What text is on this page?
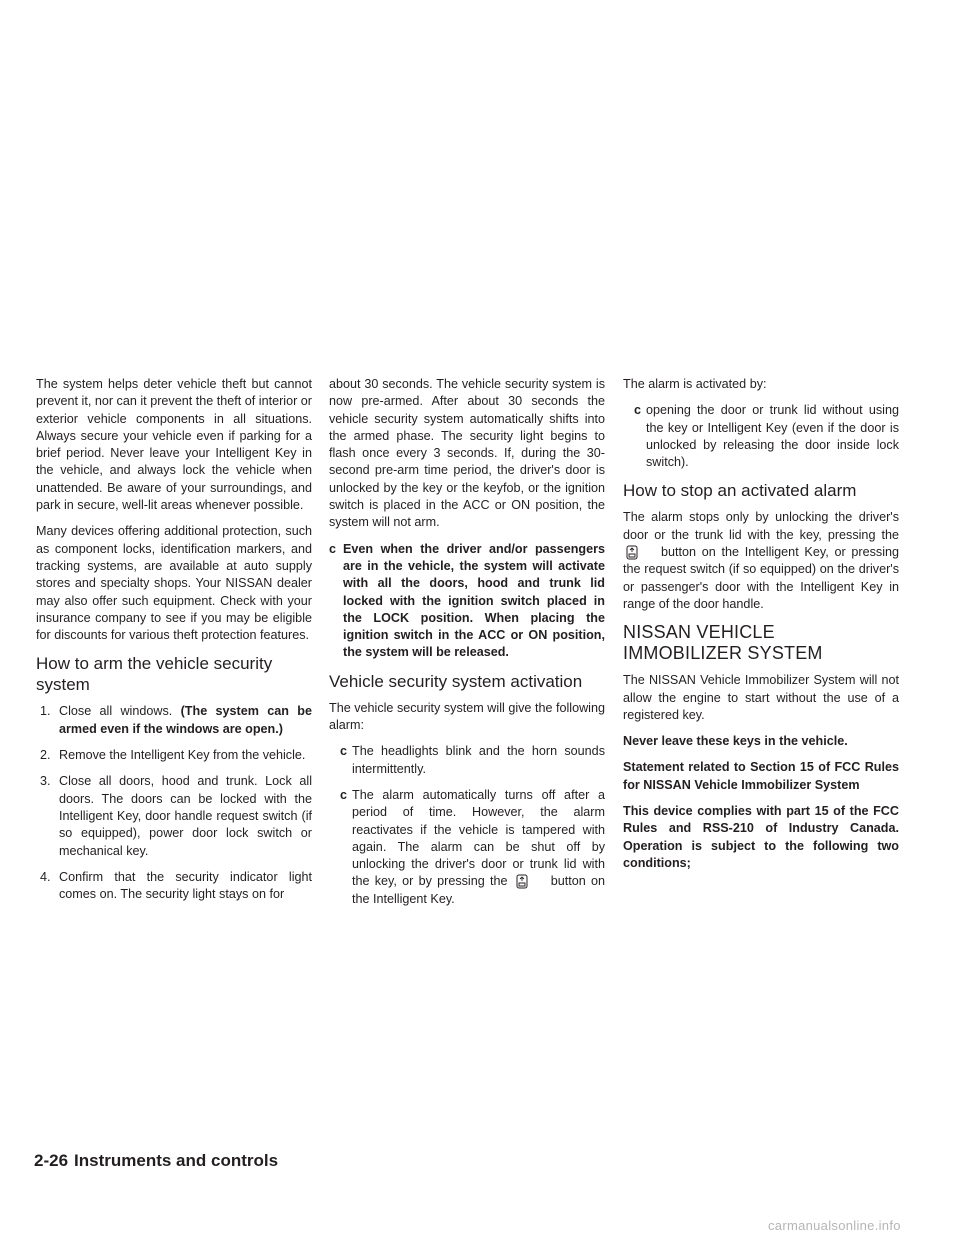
The system helps deter vehicle theft but cannot prevent it, nor can it prevent the theft of interior or exterior vehicle components in all situations. Always secure your vehicle even if parking for a brief period. Never leave your Intelligent Key in the vehicle, and always lock the vehicle when unattended. Be aware of your surroundings, and park in secure, well-lit areas whenever possible.

Many devices offering additional protection, such as component locks, identification markers, and tracking systems, are available at auto supply stores and specialty shops. Your NISSAN dealer may also offer such equipment. Check with your insurance company to see if you may be eligible for discounts for various theft protection features.

How to arm the vehicle security system
1. Close all windows. (The system can be armed even if the windows are open.)
2. Remove the Intelligent Key from the vehicle.
3. Close all doors, hood and trunk. Lock all doors. The doors can be locked with the Intelligent Key, door handle request switch (if so equipped), power door lock switch or mechanical key.
4. Confirm that the security indicator light comes on. The security light stays on for

about 30 seconds. The vehicle security system is now pre-armed. After about 30 seconds the vehicle security system automatically shifts into the armed phase. The security light begins to flash once every 3 seconds. If, during the 30-second pre-arm time period, the driver's door is unlocked by the key or the keyfob, or the ignition switch is placed in the ACC or ON position, the system will not arm.

c Even when the driver and/or passengers are in the vehicle, the system will activate with all the doors, hood and trunk lid locked with the ignition switch placed in the LOCK position. When placing the ignition switch in the ACC or ON position, the system will be released.
Vehicle security system activation

The vehicle security system will give the following alarm:

c The headlights blink and the horn sounds intermittently.
c The alarm automatically turns off after a period of time. However, the alarm reactivates if the vehicle is tampered with again. The alarm can be shut off by unlocking the driver's door or trunk lid with the key, or by pressing the	button on the Intelligent Key.

The alarm is activated by:

c opening the door or trunk lid without using the key or Intelligent Key (even if the door is unlocked by releasing the door inside lock switch).
How to stop an activated alarm

The alarm stops only by unlocking the driver's door or the trunk lid with the key, pressing the button on the Intelligent Key, or pressing the request switch (if so equipped) on the driver's or passenger's door with the Intelligent Key in range of the door handle.

NISSAN VEHICLE IMMOBILIZER SYSTEM

The NISSAN Vehicle Immobilizer System will not allow the engine to start without the use of a registered key.

Never leave these keys in the vehicle.

Statement related to Section 15 of FCC Rules for NISSAN Vehicle Immobilizer System

This device complies with part 15 of the FCC Rules and RSS-210 of Industry Canada. Operation is subject to the following two conditions;

2-26 Instruments and controls
carmanualsonline.info
